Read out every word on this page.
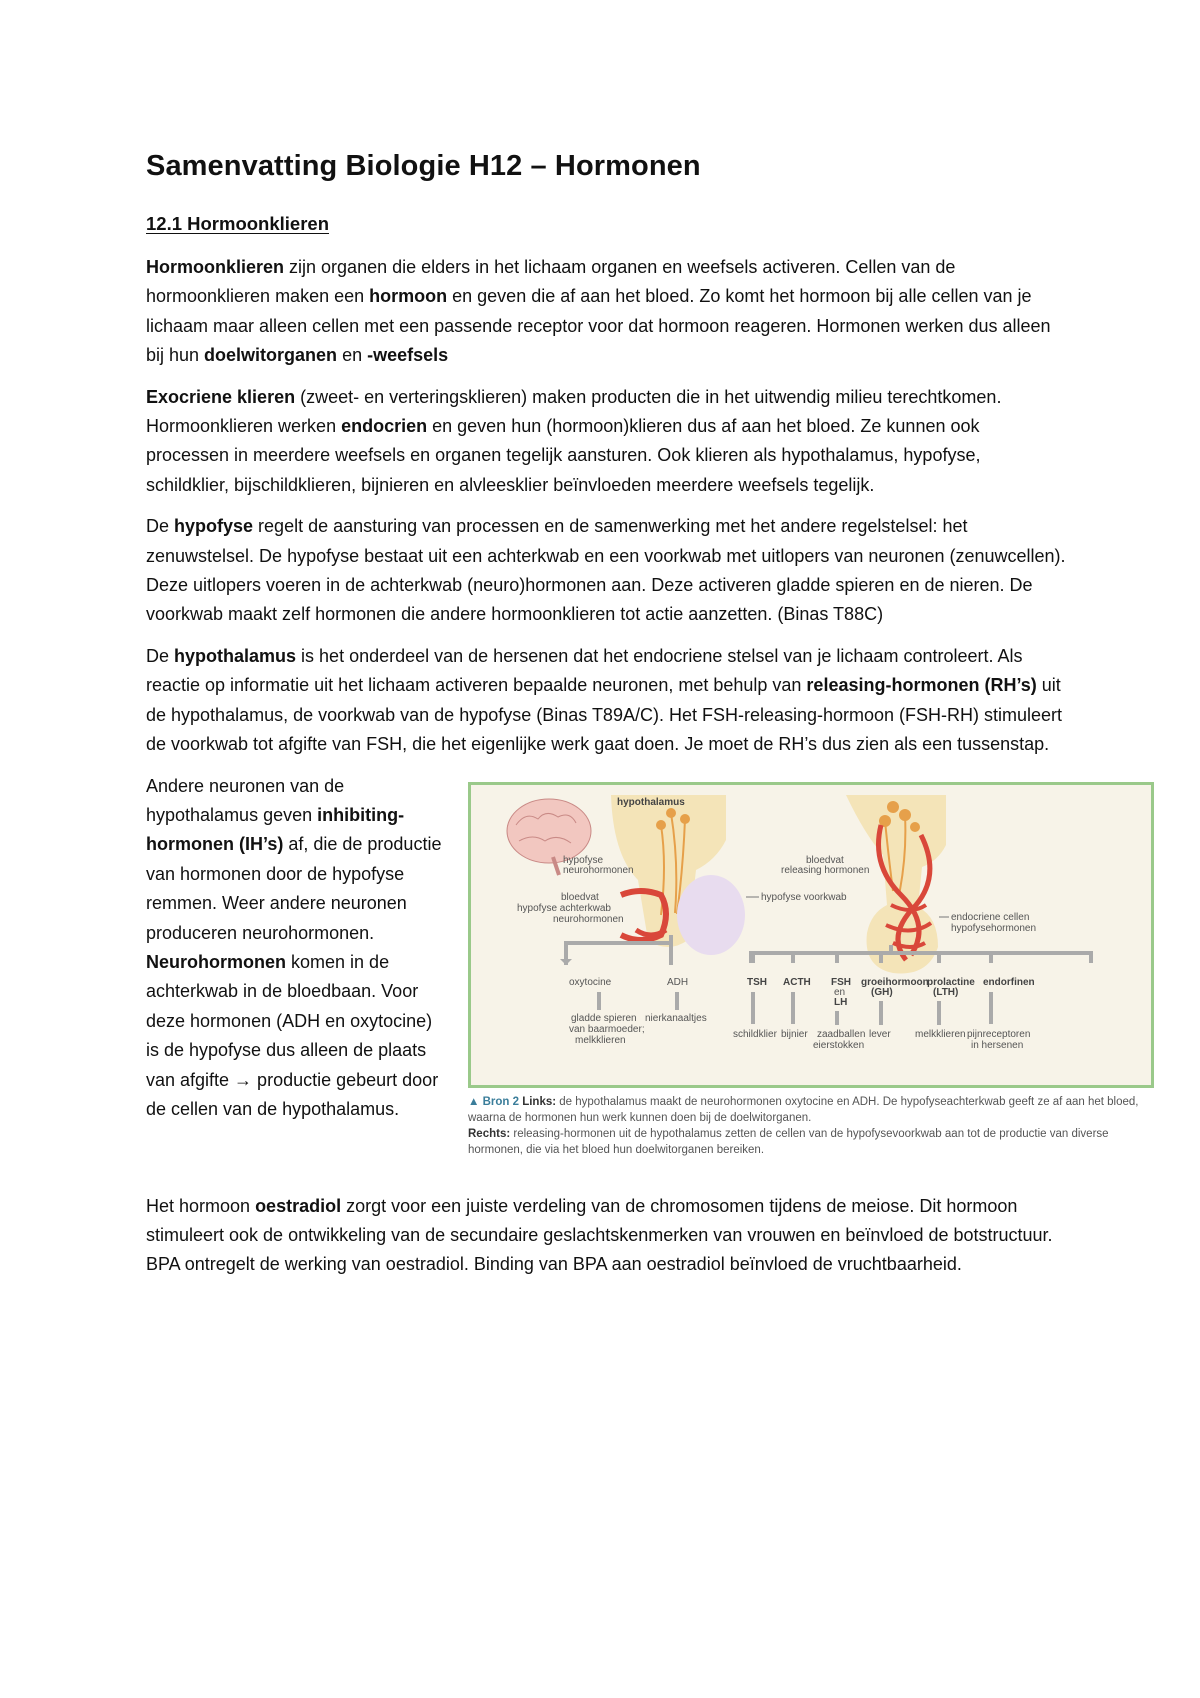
Samenvatting Biologie H12 – Hormonen
12.1 Hormoonklieren

Hormoonklieren zijn organen die elders in het lichaam organen en weefsels activeren. Cellen van de hormoonklieren maken een hormoon en geven die af aan het bloed. Zo komt het hormoon bij alle cellen van je lichaam maar alleen cellen met een passende receptor voor dat hormoon reageren. Hormonen werken dus alleen bij hun doelwitorganen en -weefsels

Exocriene klieren (zweet- en verteringsklieren) maken producten die in het uitwendig milieu terechtkomen. Hormoonklieren werken endocrien en geven hun (hormoon)klieren dus af aan het bloed. Ze kunnen ook processen in meerdere weefsels en organen tegelijk aansturen. Ook klieren als hypothalamus, hypofyse, schildklier, bijschildklieren, bijnieren en alvleesklier beïnvloeden meerdere weefsels tegelijk.

De hypofyse regelt de aansturing van processen en de samenwerking met het andere regelstelsel: het zenuwstelsel. De hypofyse bestaat uit een achterkwab en een voorkwab met uitlopers van neuronen (zenuwcellen). Deze uitlopers voeren in de achterkwab (neuro)hormonen aan. Deze activeren gladde spieren en de nieren. De voorkwab maakt zelf hormonen die andere hormoonklieren tot actie aanzetten. (Binas T88C)

De hypothalamus is het onderdeel van de hersenen dat het endocriene stelsel van je lichaam controleert. Als reactie op informatie uit het lichaam activeren bepaalde neuronen, met behulp van releasing-hormonen (RH’s) uit de hypothalamus, de voorkwab van de hypofyse (Binas T89A/C). Het FSH-releasing-hormoon (FSH-RH) stimuleert de voorkwab tot afgifte van FSH, die het eigenlijke werk gaat doen. Je moet de RH’s dus zien als een tussenstap.

Andere neuronen van de hypothalamus geven inhibiting-hormonen (IH’s) af, die de productie van hormonen door de hypofyse remmen. Weer andere neuronen produceren neurohormonen. Neurohormonen komen in de achterkwab in de bloedbaan. Voor deze hormonen (ADH en oxytocine) is de hypofyse dus alleen de plaats van afgifte → productie gebeurt door de cellen van de hypothalamus.

hypothalamus
hypofyse
neurohormonen
bloedvat
hypofyse achterkwab
neurohormonen
hypofyse voorkwab
oxytocine	ADH
gladde spieren
van baarmoeder;
melkklieren
nierkanaaltjes
bloedvat
releasing hormonen
endocriene cellen
hypofysehormonen
TSH ACTH FSH
en
LH
groeihormoon
(GH)
prolactine
(LTH)
endorfinen
schildklier bijnier zaadballen
eierstokken
lever melkklieren pijnreceptoren
in hersenen
▲ Bron 2 Links: de hypothalamus maakt de neurohormonen oxytocine en ADH. De hypofyseachterkwab geeft ze af aan het bloed, waarna de hormonen hun werk kunnen doen bij de doelwitorganen.
Rechts: releasing-hormonen uit de hypothalamus zetten de cellen van de hypofysevoorkwab aan tot de productie van diverse hormonen, die via het bloed hun doelwitorganen bereiken.

Het hormoon oestradiol zorgt voor een juiste verdeling van de chromosomen tijdens de meiose. Dit hormoon stimuleert ook de ontwikkeling van de secundaire geslachtskenmerken van vrouwen en beïnvloed de botstructuur. BPA ontregelt de werking van oestradiol. Binding van BPA aan oestradiol beïnvloed de vruchtbaarheid.
